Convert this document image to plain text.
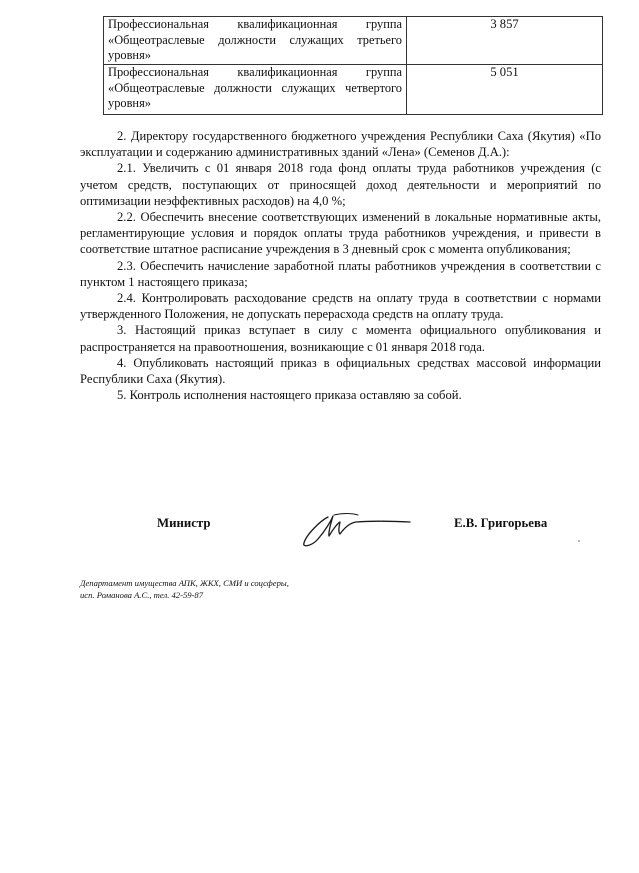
Профессиональная квалификационная группа «Общеотраслевые должности служащих третьего уровня»	3 857
Профессиональная квалификационная группа «Общеотраслевые должности служащих четвертого уровня»	5 051

2. Директору государственного бюджетного учреждения Республики Саха (Якутия) «По эксплуатации и содержанию административных зданий «Лена» (Семенов Д.А.):

2.1. Увеличить с 01 января 2018 года фонд оплаты труда работников учреждения (с учетом средств, поступающих от приносящей доход деятельности и мероприятий по оптимизации неэффективных расходов) на 4,0 %;

2.2. Обеспечить внесение соответствующих изменений в локальные нормативные акты, регламентирующие условия и порядок оплаты труда работников учреждения, и привести в соответствие штатное расписание учреждения в 3 дневный срок с момента опубликования;

2.3. Обеспечить начисление заработной платы работников учреждения в соответствии с пунктом 1 настоящего приказа;

2.4. Контролировать расходование средств на оплату труда в соответствии с нормами утвержденного Положения, не допускать перерасхода средств на оплату труда.

3. Настоящий приказ вступает в силу с момента официального опубликования и распространяется на правоотношения, возникающие с 01 января 2018 года.

4. Опубликовать настоящий приказ в официальных средствах массовой информации Республики Саха (Якутия).

5. Контроль исполнения настоящего приказа оставляю за собой.

Министр	Е.В. Григорьева
Департамент имущества АПК, ЖКХ, СМИ и соцсферы,
исп. Романова А.С., тел. 42-59-87
